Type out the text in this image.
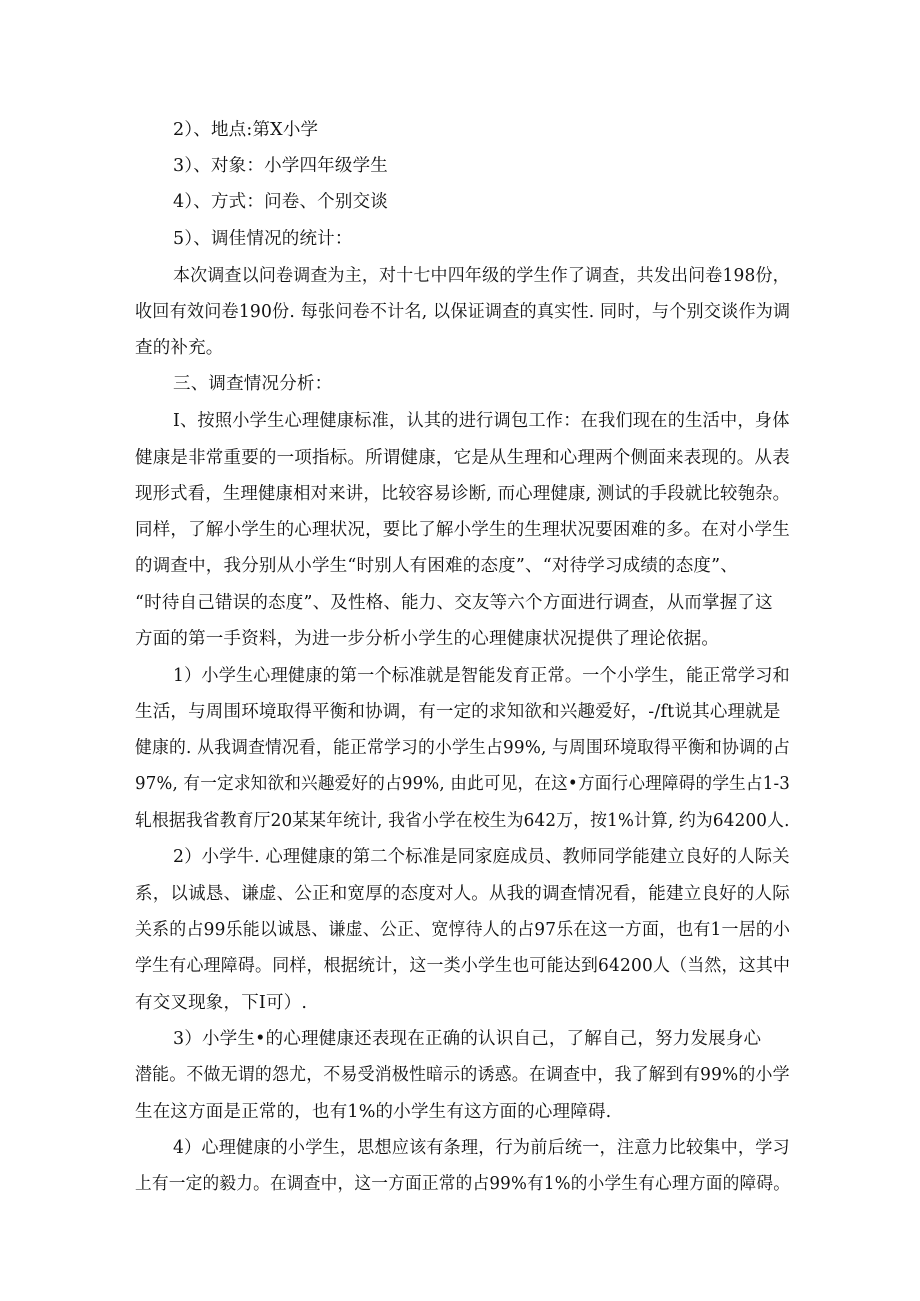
2）、地点:第X小学
3）、对象：小学四年级学生
4）、方式：问卷、个别交谈
5）、调佳情况的统计：
本次调查以问卷调查为主，对十七中四年级的学生作了调查，共发出问卷198份，
收回有效问卷190份. 每张问卷不计名, 以保证调查的真实性. 同时，与个别交谈作为调
查的补充。
三、调查情况分析：
I、按照小学生心理健康标准，认其的进行调包工作：在我们现在的生活中，身体
健康是非常重要的一项指标。所谓健康，它是从生理和心理两个侧面来表现的。从表
现形式看，生理健康相对来讲，比较容易诊断, 而心理健康, 测试的手段就比较匏杂。
同样，了解小学生的心理状况，要比了解小学生的生理状况要困难的多。在对小学生
的调查中，我分别从小学生“时别人有困难的态度”、“对待学习成绩的态度”、
“时待自己错误的态度”、及性格、能力、交友等六个方面进行调查，从而掌握了这
方面的第一手资料，为进一步分析小学生的心理健康状况提供了理论依据。
1）小学生心理健康的第一个标准就是智能发育正常。一个小学生，能正常学习和
生活，与周围环境取得平衡和协调，有一定的求知欲和兴趣爱好，-/ft说其心理就是
健康的. 从我调查情况看，能正常学习的小学生占99%, 与周围环境取得平衡和协调的占
97%, 有一定求知欲和兴趣爱好的占99%, 由此可见，在这•方面行心理障碍的学生占1-3
轧根据我省教育厅20某某年统计, 我省小学在校生为642万，按1%计算, 约为64200人.
2）小学牛. 心理健康的第二个标准是同家庭成员、教师同学能建立良好的人际关
系，以诚恳、谦虚、公正和宽厚的态度对人。从我的调查情况看，能建立良好的人际
关系的占99乐能以诚恳、谦虚、公正、宽惇待人的占97乐在这一方面，也有1一居的小
学生有心理障碍。同样，根据统计，这一类小学生也可能达到64200人（当然，这其中
有交叉现象，下I可）.
3）小学生•的心理健康还表现在正确的认识自己，了解自己，努力发展身心
潜能。不做无谓的怨尤，不易受消极性暗示的诱惑。在调查中，我了解到有99%的小学
生在这方面是正常的，也有1%的小学生有这方面的心理障碍.
4）心理健康的小学生，思想应该有条理，行为前后统一，注意力比较集中，学习
上有一定的毅力。在调查中，这一方面正常的占99%有1%的小学生有心理方面的障碍。
